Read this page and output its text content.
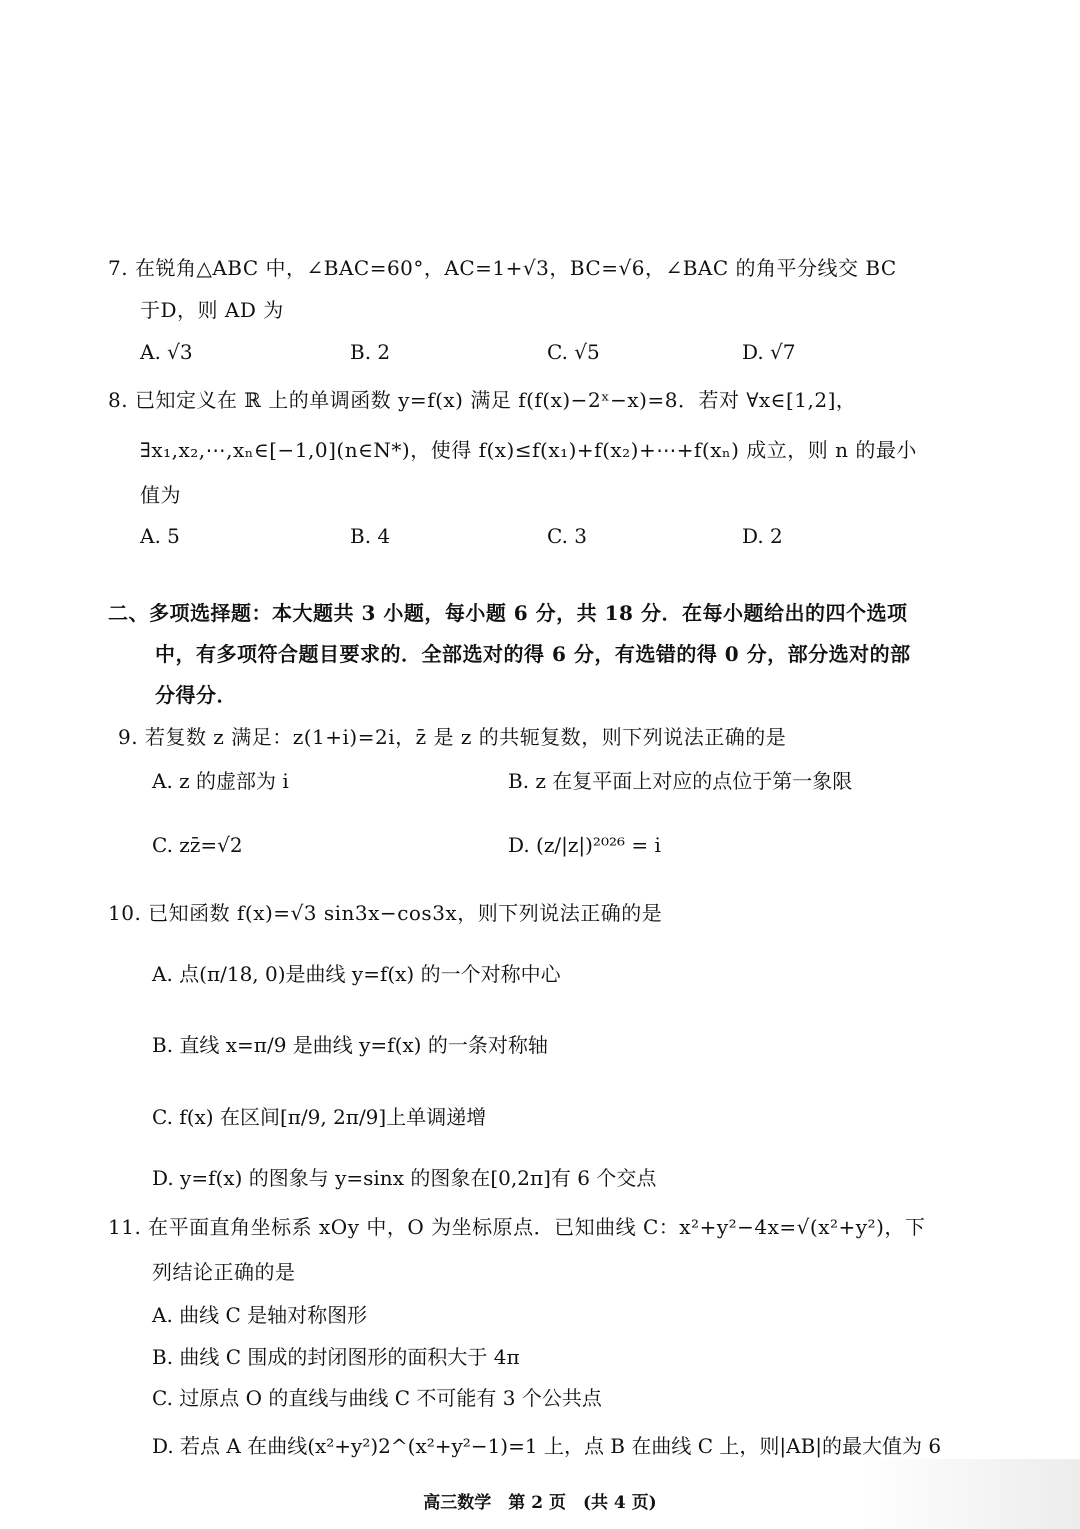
7. 在锐角△ABC 中，∠BAC=60°，AC=1+√3，BC=√6，∠BAC 的角平分线交 BC
于D，则 AD 为
A. √3	B. 2	C. √5	D. √7
8. 已知定义在 ℝ 上的单调函数 y=f(x) 满足 f(f(x)−2ˣ−x)=8．若对 ∀x∈[1,2]，
∃x₁,x₂,⋯,xₙ∈[−1,0](n∈N*)，使得 f(x)≤f(x₁)+f(x₂)+⋯+f(xₙ) 成立，则 n 的最小
值为
A. 5	B. 4	C. 3	D. 2
二、多项选择题：本大题共 3 小题，每小题 6 分，共 18 分．在每小题给出的四个选项
中，有多项符合题目要求的．全部选对的得 6 分，有选错的得 0 分，部分选对的部
分得分．
9. 若复数 z 满足：z(1+i)=2i，z̄ 是 z 的共轭复数，则下列说法正确的是
A. z 的虚部为 i	B. z 在复平面上对应的点位于第一象限
C. zz̄=√2	D. (z/|z|)²⁰²⁶ = i
10. 已知函数 f(x)=√3 sin3x−cos3x，则下列说法正确的是
A. 点(π/18, 0)是曲线 y=f(x) 的一个对称中心
B. 直线 x=π/9 是曲线 y=f(x) 的一条对称轴
C. f(x) 在区间[π/9, 2π/9]上单调递增
D. y=f(x) 的图象与 y=sinx 的图象在[0,2π]有 6 个交点
11. 在平面直角坐标系 xOy 中，O 为坐标原点．已知曲线 C：x²+y²−4x=√(x²+y²)，下
列结论正确的是
A. 曲线 C 是轴对称图形
B. 曲线 C 围成的封闭图形的面积大于 4π
C. 过原点 O 的直线与曲线 C 不可能有 3 个公共点
D. 若点 A 在曲线(x²+y²)2^(x²+y²−1)=1 上，点 B 在曲线 C 上，则|AB|的最大值为 6
高三数学　第 2 页　(共 4 页)
